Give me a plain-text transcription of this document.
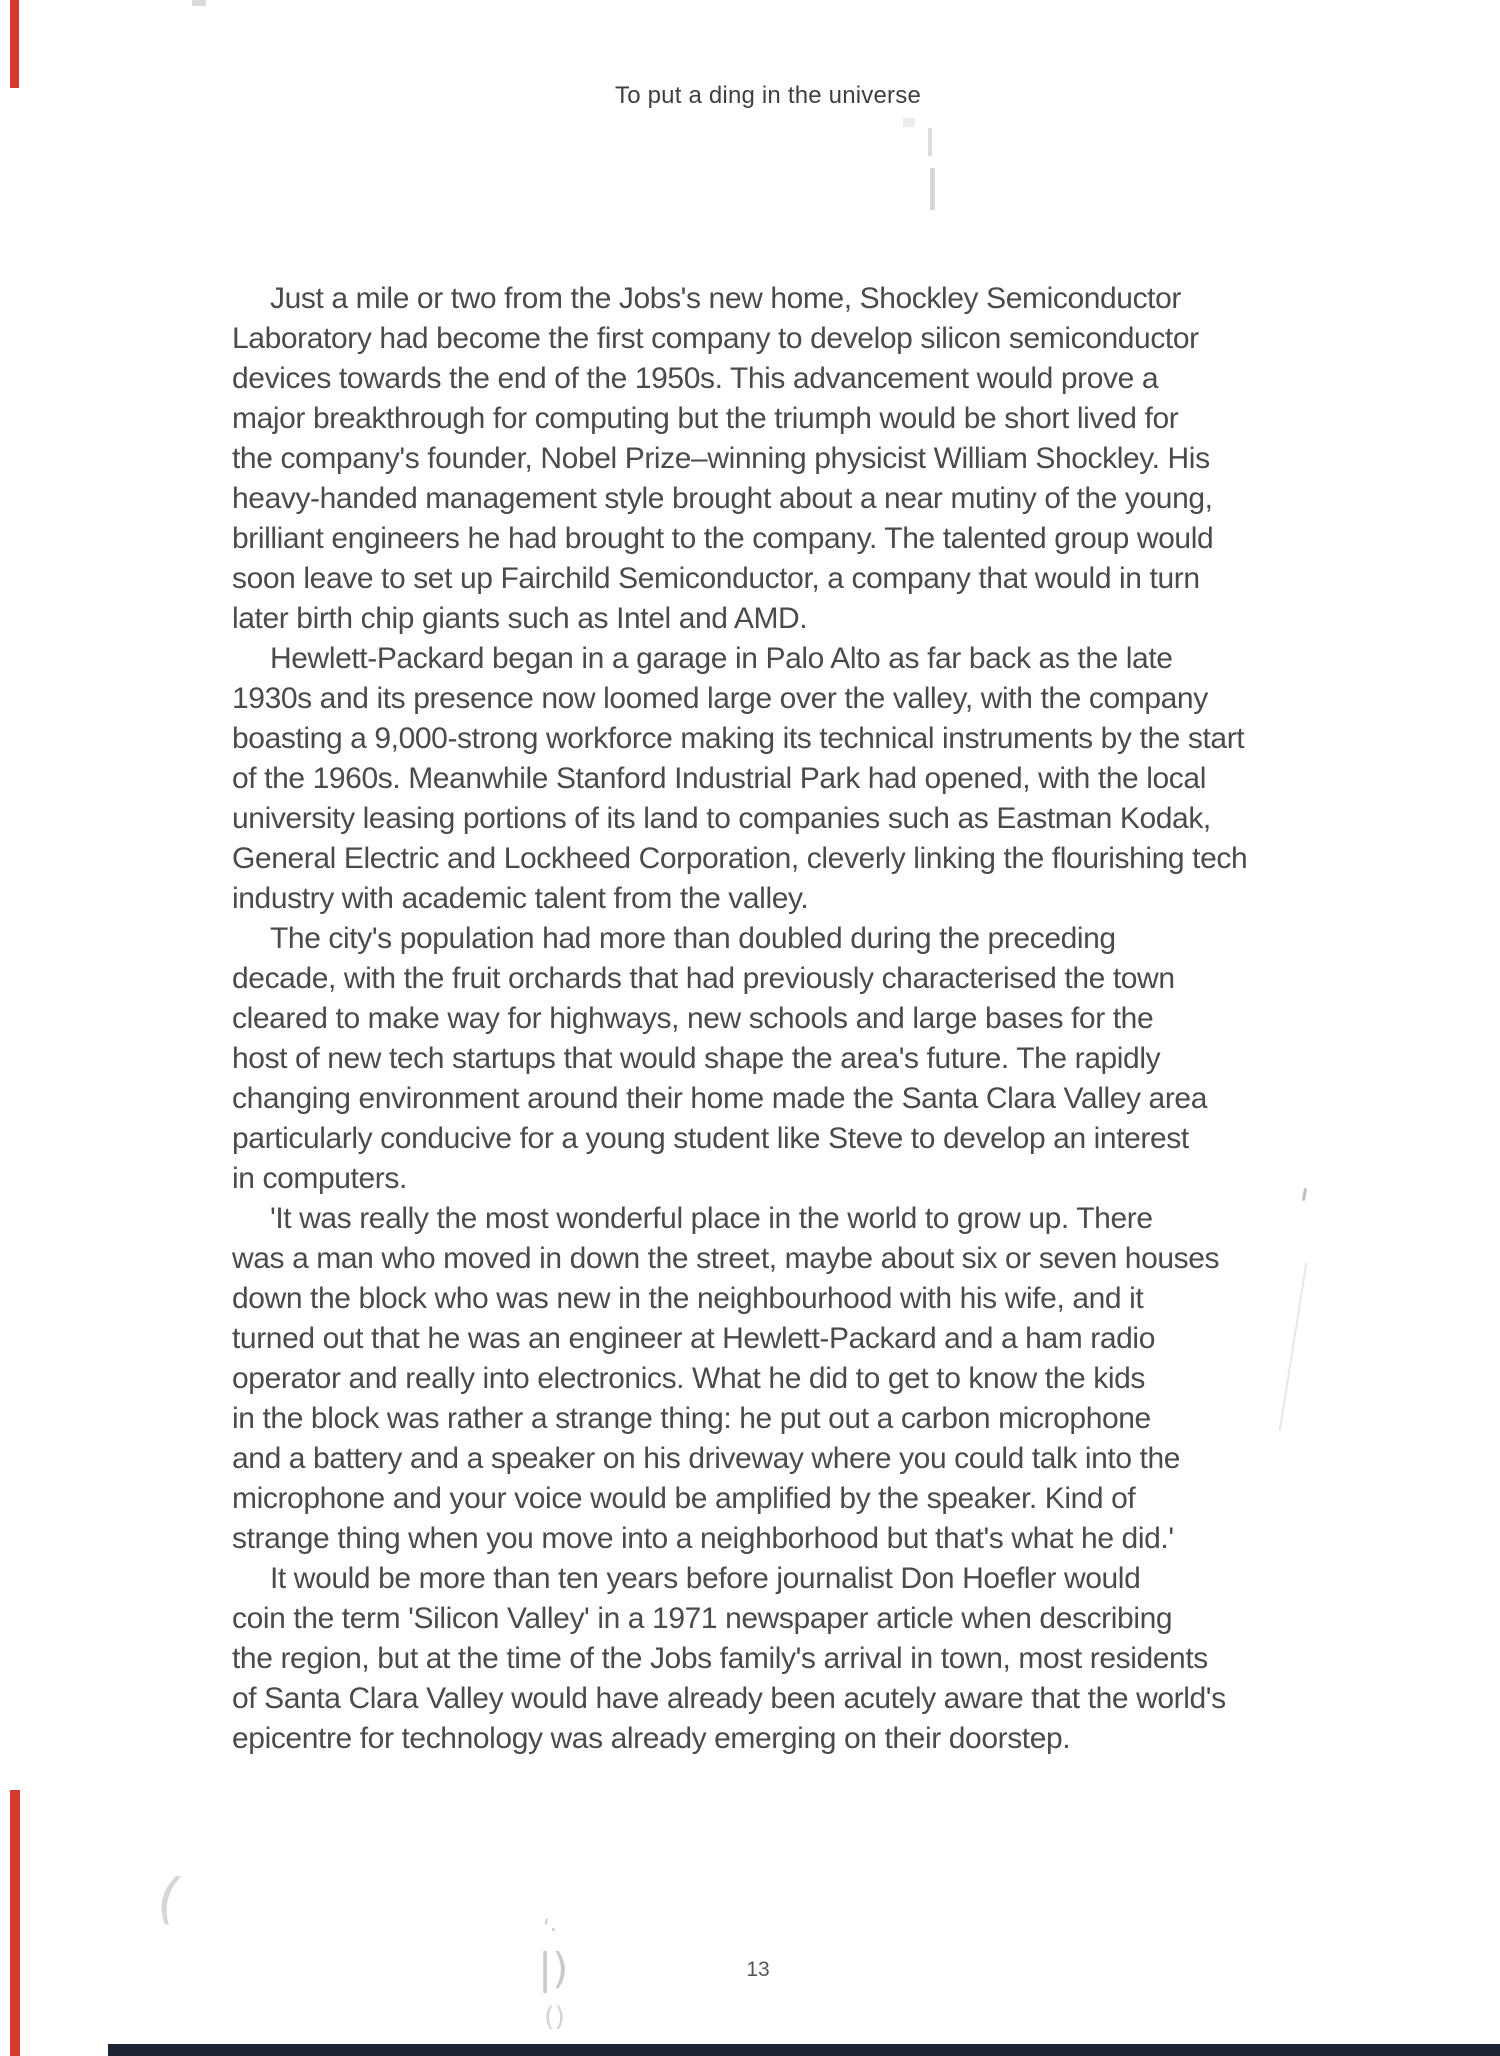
(	ʹ·
|)
()
To put a ding in the universe
Just a mile or two from the Jobs's new home, Shockley Semiconductor
Laboratory had become the first company to develop silicon semiconductor
devices towards the end of the 1950s. This advancement would prove a
major breakthrough for computing but the triumph would be short lived for
the company's founder, Nobel Prize–winning physicist William Shockley. His
heavy-handed management style brought about a near mutiny of the young,
brilliant engineers he had brought to the company. The talented group would
soon leave to set up Fairchild Semiconductor, a company that would in turn
later birth chip giants such as Intel and AMD.
Hewlett-Packard began in a garage in Palo Alto as far back as the late
1930s and its presence now loomed large over the valley, with the company
boasting a 9,000-strong workforce making its technical instruments by the start
of the 1960s. Meanwhile Stanford Industrial Park had opened, with the local
university leasing portions of its land to companies such as Eastman Kodak,
General Electric and Lockheed Corporation, cleverly linking the flourishing tech
industry with academic talent from the valley.
The city's population had more than doubled during the preceding
decade, with the fruit orchards that had previously characterised the town
cleared to make way for highways, new schools and large bases for the
host of new tech startups that would shape the area's future. The rapidly
changing environment around their home made the Santa Clara Valley area
particularly conducive for a young student like Steve to develop an interest
in computers.
'It was really the most wonderful place in the world to grow up. There
was a man who moved in down the street, maybe about six or seven houses
down the block who was new in the neighbourhood with his wife, and it
turned out that he was an engineer at Hewlett-Packard and a ham radio
operator and really into electronics. What he did to get to know the kids
in the block was rather a strange thing: he put out a carbon microphone
and a battery and a speaker on his driveway where you could talk into the
microphone and your voice would be amplified by the speaker. Kind of
strange thing when you move into a neighborhood but that's what he did.'
It would be more than ten years before journalist Don Hoefler would
coin the term 'Silicon Valley' in a 1971 newspaper article when describing
the region, but at the time of the Jobs family's arrival in town, most residents
of Santa Clara Valley would have already been acutely aware that the world's
epicentre for technology was already emerging on their doorstep.
13
